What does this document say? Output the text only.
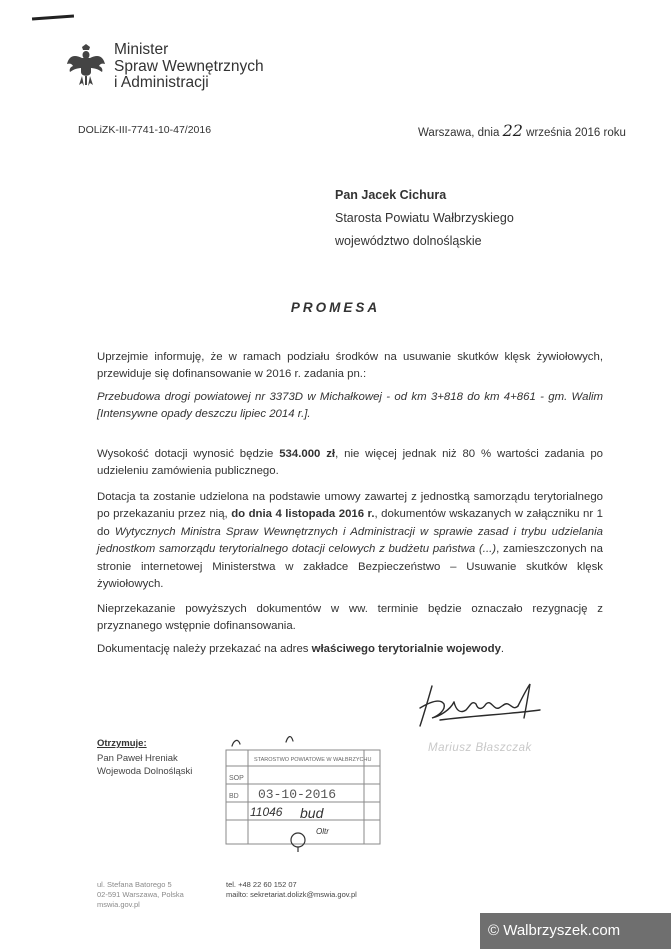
Minister
Spraw Wewnętrznych
i Administracji
DOLiZK-III-7741-10-47/2016	Warszawa, dnia 22 września 2016 roku
Pan Jacek Cichura
Starosta Powiatu Wałbrzyskiego
województwo dolnośląskie
PROMESA

Uprzejmie informuję, że w ramach podziału środków na usuwanie skutków klęsk żywiołowych, przewiduje się dofinansowanie w 2016 r. zadania pn.:

Przebudowa drogi powiatowej nr 3373D w Michałkowej - od km 3+818 do km 4+861 - gm. Walim [Intensywne opady deszczu lipiec 2014 r.].

Wysokość dotacji wynosić będzie 534.000 zł, nie więcej jednak niż 80 % wartości zadania po udzieleniu zamówienia publicznego.

Dotacja ta zostanie udzielona na podstawie umowy zawartej z jednostką samorządu terytorialnego po przekazaniu przez nią, do dnia 4 listopada 2016 r., dokumentów wskazanych w załączniku nr 1 do Wytycznych Ministra Spraw Wewnętrznych i Administracji w sprawie zasad i trybu udzielania jednostkom samorządu terytorialnego dotacji celowych z budżetu państwa (...), zamieszczonych na stronie internetowej Ministerstwa w zakładce Bezpieczeństwo – Usuwanie skutków klęsk żywiołowych.

Nieprzekazanie powyższych dokumentów w ww. terminie będzie oznaczało rezygnację z przyznanego wstępnie dofinansowania.

Dokumentację należy przekazać na adres właściwego terytorialnie wojewody.

Mariusz Błaszczak
Otrzymuje:
Pan Paweł Hreniak
Wojewoda Dolnośląski
STAROSTWO POWIATOWE W WAŁBRZYCHU
SOP
BD 03-10-2016
11046 bud
Oltr
ul. Stefana Batorego 5
02-591 Warszawa, Polska
mswia.gov.pl
tel. +48 22 60 152 07
mailto: sekretariat.dolizk@mswia.gov.pl
© Walbrzyszek.com
